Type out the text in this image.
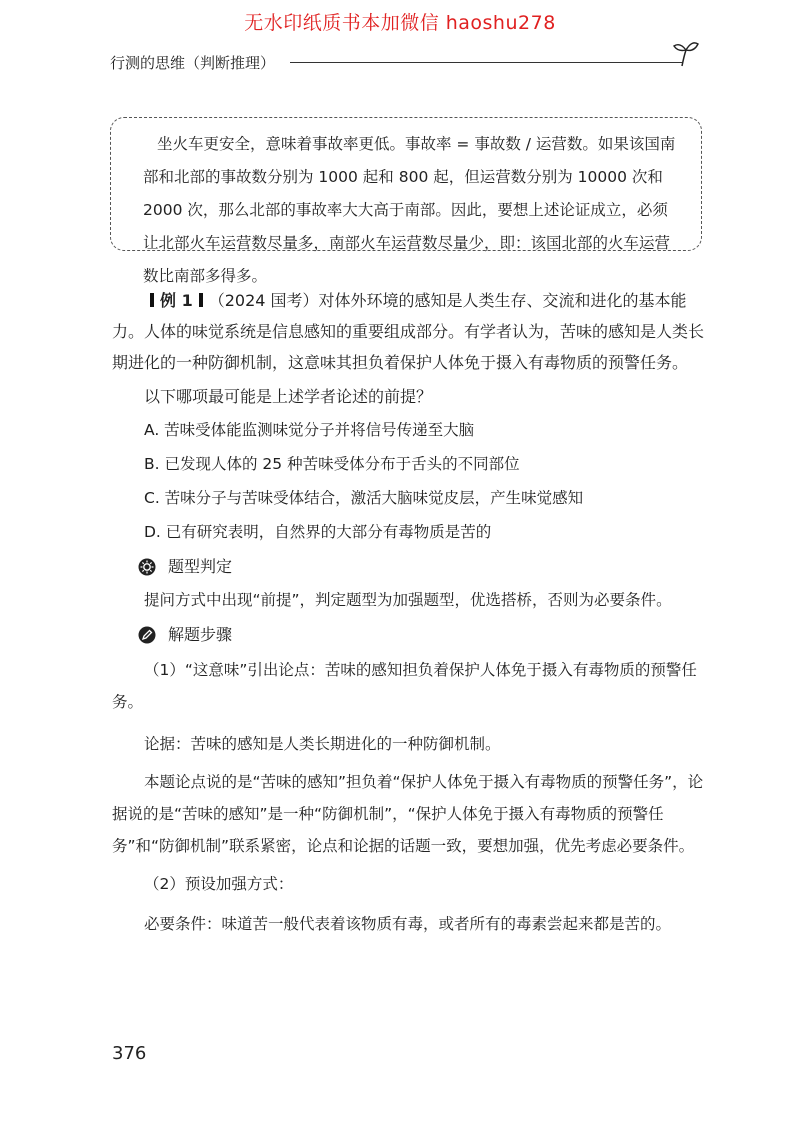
无水印纸质书本加微信 haoshu278
行测的思维（判断推理）

坐火车更安全，意味着事故率更低。事故率 = 事故数 / 运营数。如果该国南部和北部的事故数分别为 1000 起和 800 起，但运营数分别为 10000 次和 2000 次，那么北部的事故率大大高于南部。因此，要想上述论证成立，必须让北部火车运营数尽量多，南部火车运营数尽量少，即：该国北部的火车运营数比南部多得多。

例 1 （2024 国考）对体外环境的感知是人类生存、交流和进化的基本能力。人体的味觉系统是信息感知的重要组成部分。有学者认为，苦味的感知是人类长期进化的一种防御机制，这意味其担负着保护人体免于摄入有毒物质的预警任务。

以下哪项最可能是上述学者论述的前提？

A. 苦味受体能监测味觉分子并将信号传递至大脑

B. 已发现人体的 25 种苦味受体分布于舌头的不同部位

C. 苦味分子与苦味受体结合，激活大脑味觉皮层，产生味觉感知

D. 已有研究表明，自然界的大部分有毒物质是苦的

题型判定

提问方式中出现“前提”，判定题型为加强题型，优选搭桥，否则为必要条件。

解题步骤

（1）“这意味”引出论点：苦味的感知担负着保护人体免于摄入有毒物质的预警任务。

论据：苦味的感知是人类长期进化的一种防御机制。

本题论点说的是“苦味的感知”担负着“保护人体免于摄入有毒物质的预警任务”，论据说的是“苦味的感知”是一种“防御机制”，“保护人体免于摄入有毒物质的预警任务”和“防御机制”联系紧密，论点和论据的话题一致，要想加强，优先考虑必要条件。

（2）预设加强方式：

必要条件：味道苦一般代表着该物质有毒，或者所有的毒素尝起来都是苦的。

376
